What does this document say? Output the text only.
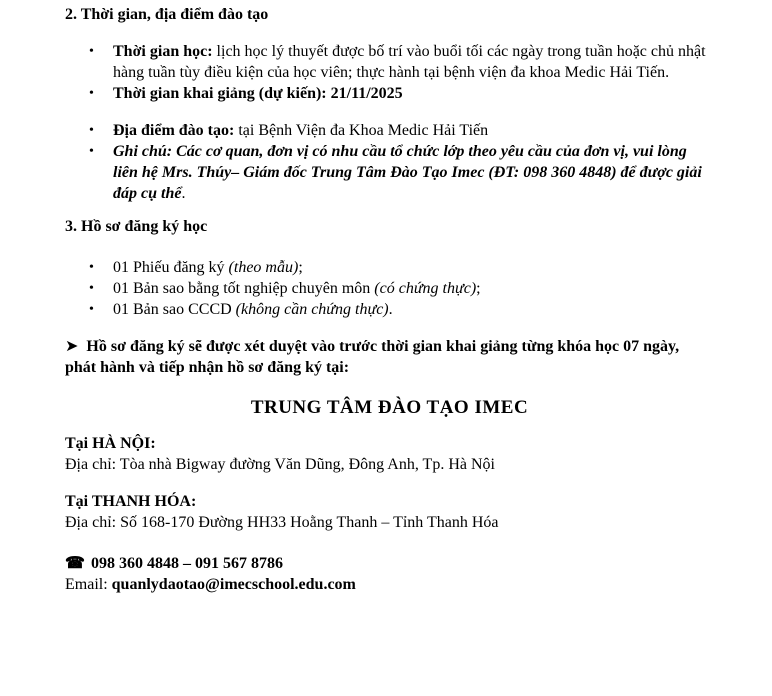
2. Thời gian, địa điểm đào tạo

•	Thời gian học: lịch học lý thuyết được bố trí vào buổi tối các ngày trong tuần hoặc chủ nhật hàng tuần tùy điều kiện của học viên; thực hành tại bệnh viện đa khoa Medic Hải Tiến.
•	Thời gian khai giảng (dự kiến): 21/11/2025
•	Địa điểm đào tạo: tại Bệnh Viện đa Khoa Medic Hải Tiến
•	Ghi chú: Các cơ quan, đơn vị có nhu cầu tổ chức lớp theo yêu cầu của đơn vị, vui lòng liên hệ Mrs. Thúy– Giám đốc Trung Tâm Đào Tạo Imec (ĐT: 098 360 4848) để được giải đáp cụ thể.

3. Hồ sơ đăng ký học

•	01 Phiếu đăng ký (theo mẫu);
•	01 Bản sao bằng tốt nghiệp chuyên môn (có chứng thực);
•	01 Bản sao CCCD (không cần chứng thực).

➤ Hồ sơ đăng ký sẽ được xét duyệt vào trước thời gian khai giảng từng khóa học 07 ngày, phát hành và tiếp nhận hồ sơ đăng ký tại:

TRUNG TÂM ĐÀO TẠO IMEC

Tại HÀ NỘI:

Địa chỉ: Tòa nhà Bigway đường Văn Dũng, Đông Anh, Tp. Hà Nội

Tại THANH HÓA:

Địa chỉ: Số 168-170 Đường HH33 Hoằng Thanh – Tỉnh Thanh Hóa

☎ 098 360 4848 – 091 567 8786

Email: quanlydaotao@imecschool.edu.com
